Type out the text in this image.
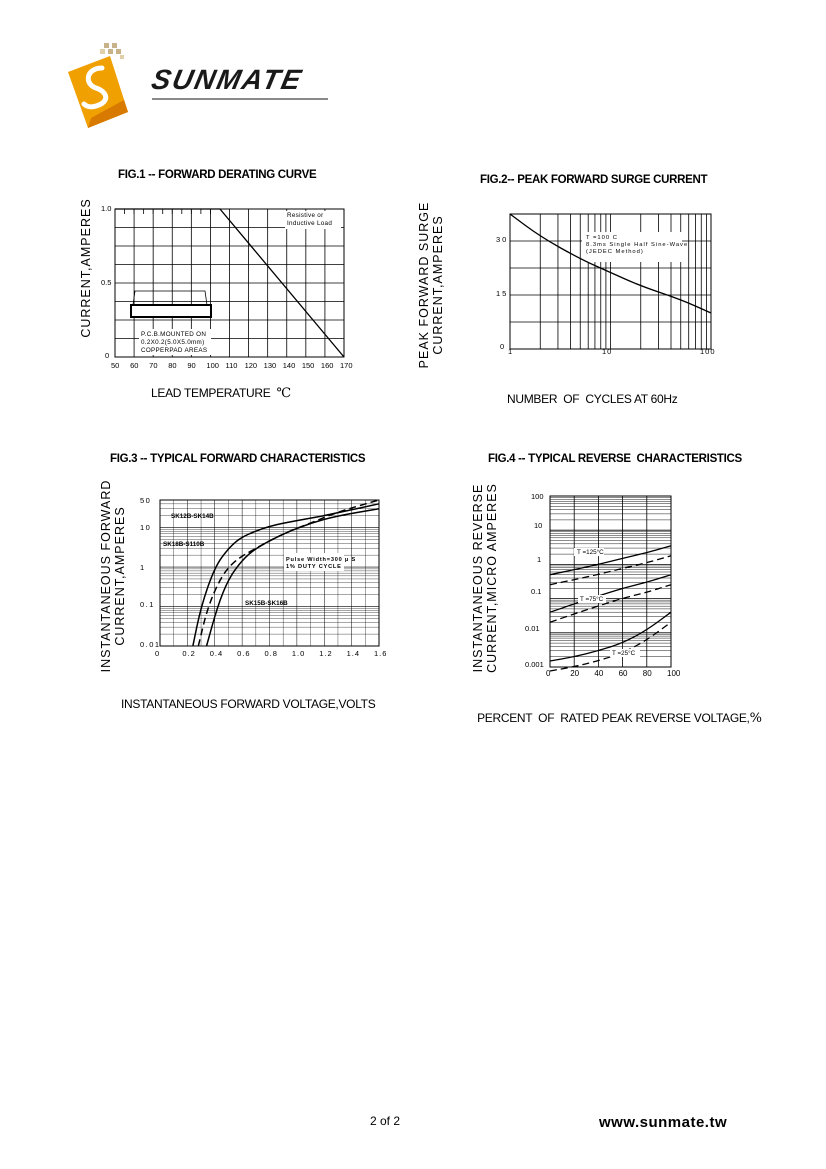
SUNMATE
FIG.1 -- FORWARD DERATING CURVE
CURRENT,AMPERES 1.0
0.5
0
50 60 70 80 90 100 110 120 130 140 150 160 170
Resistive or
Inductive Load
P.C.B.MOUNTED ON
0.2X0.2(5.0X5.0mm)
COPPERPAD AREAS
LEAD TEMPERATURE ℃
FIG.2-- PEAK FORWARD SURGE CURRENT
PEAK FORWARD SURGE CURRENT,AMPERES	30
15
0
1	10	100
T =100 C
8.3ms Single Half Sine-Wave
(JEDEC Method)
NUMBER  OF  CYCLES AT 60Hz
FIG.3 -- TYPICAL FORWARD CHARACTERISTICS
INSTANTANEOUS FORWARD CURRENT,AMPERES
50
10
1
0.1
0.01
0	0.2 0.4 0.6 0.8 1.0 1.2 1.4 1.6
SK12B-SK14B
SK18B-S110B
SK15B-SK16B
Pulse Width=300 μ S
1% DUTY CYCLE
INSTANTANEOUS FORWARD VOLTAGE,VOLTS
FIG.4 -- TYPICAL REVERSE  CHARACTERISTICS
INSTANTANEOUS REVERSE CURRENT,MICRO AMPERES	100
10
1
0.1
0.01
0.001
0 20 40 60 80 100
T =125°C
T =75°C
T =25°C

PERCENT  OF  RATED PEAK REVERSE VOLTAGE,%

2 of 2	www.sunmate.tw
